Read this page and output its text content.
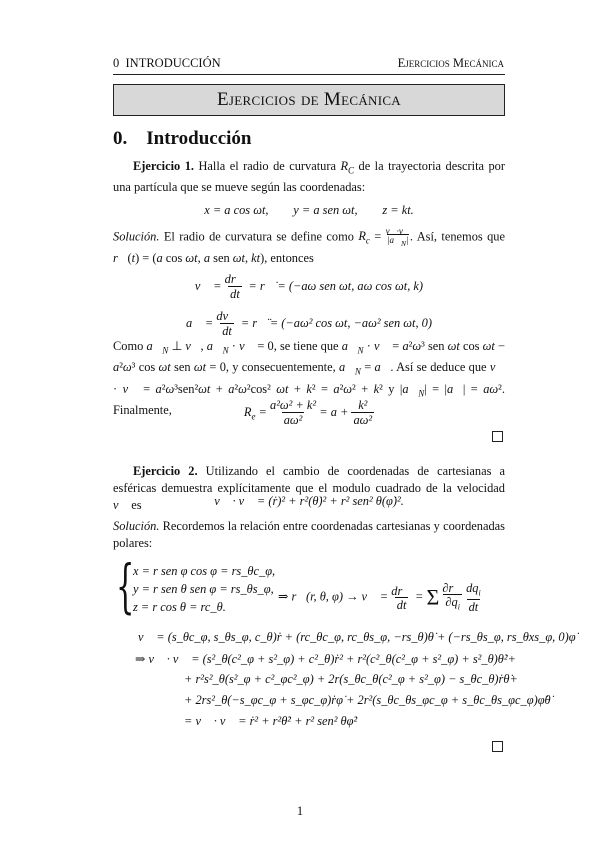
0  INTRODUCCIÓN	Ejercicios Mecánica
Ejercicios de Mecánica
0.    Introducción
Ejercicio 1. Halla el radio de curvatura $R_C$ de la trayectoria descrita por una partícula que se mueve según las coordenadas:
x = a cos ωt,        y = a sen ωt,        z = kt.
Solución. El radio de curvatura se define como $R_c = \frac{v⃗\cdot v⃗}{|a⃗_N|}$. Así, tenemos que r⃗(t) = (a cos ωt, a sen ωt, kt), entonces
v⃗ = dr⃗
dt = r⃗̇ = (−aω sen ωt, aω cos ωt, k)
a⃗ = dv⃗
dt = r⃗̈ = (−aω² cos ωt, −aω² sen ωt, 0)
Como $a⃗_N$ ⊥ v⃗, $a⃗_N$ · v⃗ = 0, se tiene que $a⃗_N$ · v⃗ = a²ω³ sen ωt cos ωt − a²ω³ cos ωt sen ωt = 0, y consecuentemente, $a⃗_N$ = a⃗. Así se deduce que v⃗ · v⃗ = a²ω³sen²ωt + a²ω²cos² ωt + k² = a²ω² + k² y $|a⃗_N|$ = |a⃗| = aω². Finalmente,	$R_e = a^2\omega^2 + k^2$
aω² = a + k²
aω²
Ejercicio 2. Utilizando el cambio de coordenadas de cartesianas a esféricas demuestra explícitamente que el modulo cuadrado de la velocidad v⃗ es	v⃗ · v⃗ = (ṙ)² + r²(θ̇)² + r² sen² θ(φ̇)².
Solución. Recordemos la relación entre coordenadas cartesianas y coordenadas polares:
{
x = r sen φ cos φ = rs_θc_φ,
y = r sen θ sen φ = rs_θs_φ,
z = r cos θ = rc_θ.
⇒ r⃗(r, θ, φ) → v⃗ = dr⃗
dt = Σ ∂r⃗
$\partial q_i$ $dq_i$
dt
v⃗ = (s_θc_φ, s_θs_φ, c_θ)ṙ + (rc_θc_φ, rc_θs_φ, −rs_θ)θ̇ + (−rs_θs_φ, rs_θxs_φ, 0)φ̇
⇒ v⃗ · v⃗ = (s²_θ(c²_φ + s²_φ) + c²_θ)ṙ² + r²(c²_θ(c²_φ + s²_φ) + s²_θ)θ̇²+
+ r²s²_θ(s²_φ + c²_φc²_φ) + 2r(s_θc_θ(c²_φ + s²_φ) − s_θc_θ)ṙθ̇+
+ 2rs²_θ(−s_φc_φ + s_φc_φ)ṙφ̇ + 2r²(s_θc_θs_φc_φ + s_θc_θs_φc_φ)φ̇θ̇
= v⃗ · v⃗ = ṙ² + r²θ̇² + r² sen² θφ̇²
1
